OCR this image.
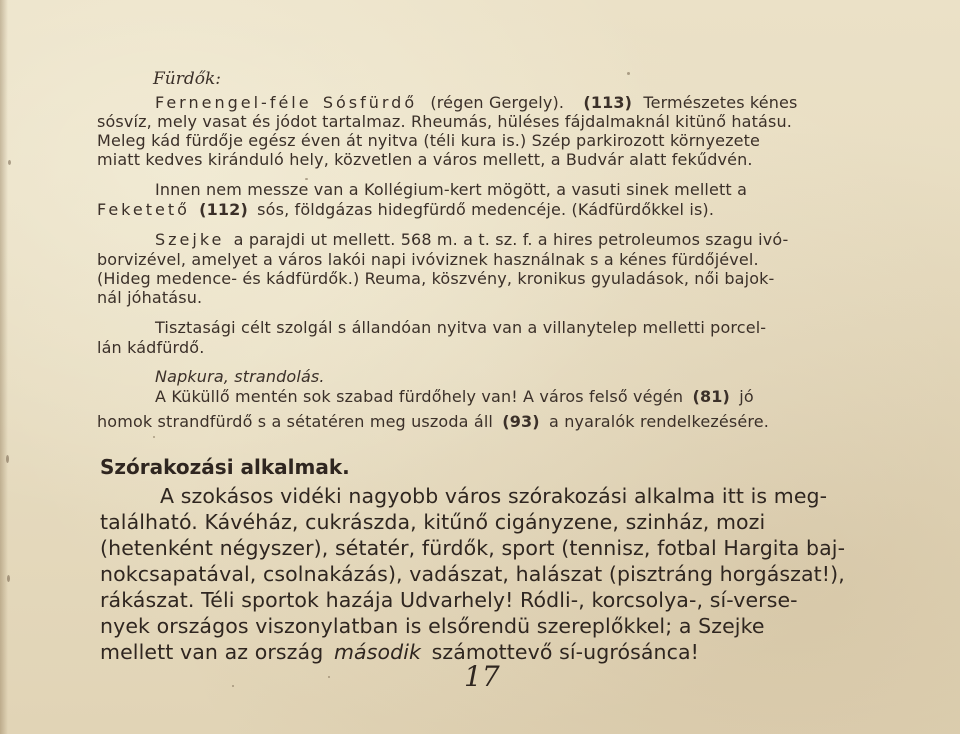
Fürdők:
Fernengel-féle Sósfürdő (régen Gergely). (113) Természetes kénes
sósvíz, mely vasat és jódot tartalmaz. Rheumás, hüléses fájdalmaknál kitünő hatásu.
Meleg kád fürdője egész éven át nyitva (téli kura is.) Szép parkirozott környezete
miatt kedves kiránduló hely, közvetlen a város mellett, a Budvár alatt fekűdvén.
Innen nem messze van a Kollégium-kert mögött, a vasuti sinek mellett a
Feketető (112) sós, földgázas hidegfürdő medencéje. (Kádfürdőkkel is).
Szejke a parajdi ut mellett. 568 m. a t. sz. f. a hires petroleumos szagu ivó-
borvizével, amelyet a város lakói napi ivóviznek használnak s a kénes fürdőjével.
(Hideg medence- és kádfürdők.) Reuma, köszvény, kronikus gyuladások, női bajok-
nál jóhatásu.
Tisztasági célt szolgál s állandóan nyitva van a villanytelep melletti porcel-
lán kádfürdő.
Napkura, strandolás.
A Küküllő mentén sok szabad fürdőhely van! A város felső végén (81) jó
homok strandfürdő s a sétatéren meg uszoda áll (93) a nyaralók rendelkezésére.
Szórakozási alkalmak.
A szokásos vidéki nagyobb város szórakozási alkalma itt is meg-
található. Kávéház, cukrászda, kitűnő cigányzene, szinház, mozi
(hetenként négyszer), sétatér, fürdők, sport (tennisz, fotbal Hargita baj-
nokcsapatával, csolnakázás), vadászat, halászat (pisztráng horgászat!),
rákászat. Téli sportok hazája Udvarhely! Ródli-, korcsolya-, sí-verse-
nyek országos viszonylatban is elsőrendü szereplőkkel; a Szejke
mellett van az ország második számottevő sí-ugrósánca!
17
